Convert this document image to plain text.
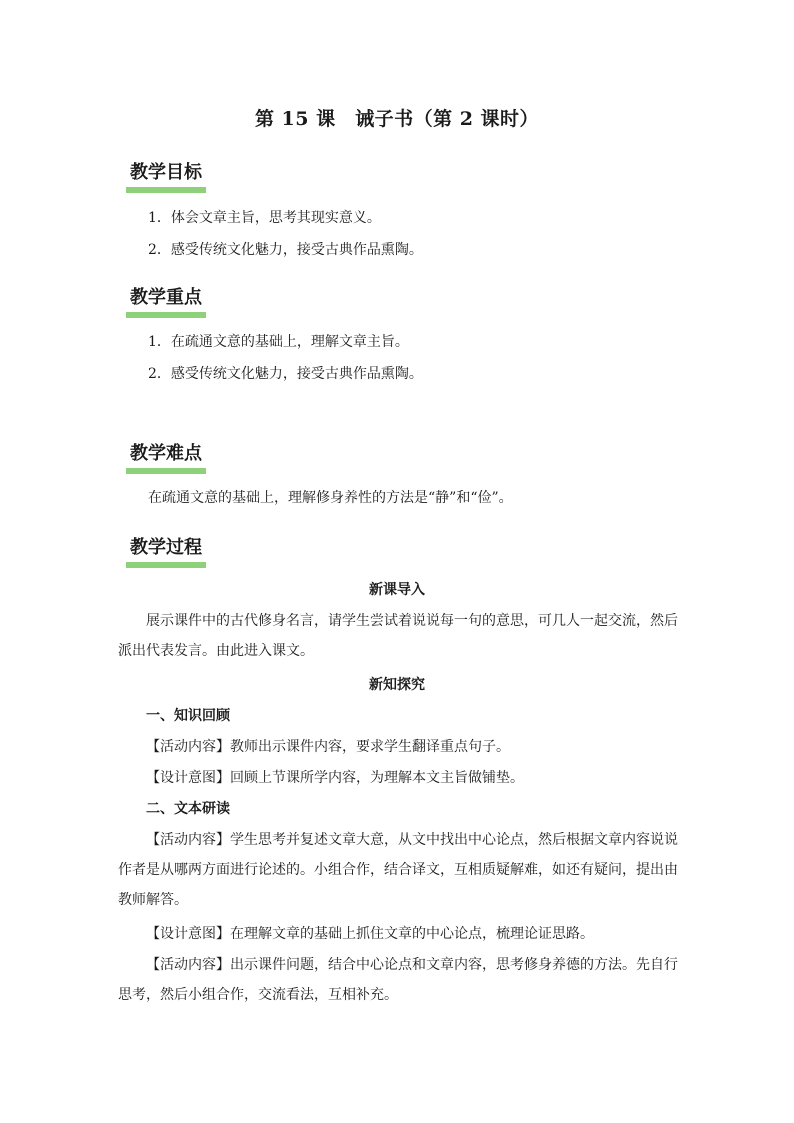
第 15 课　诫子书（第 2 课时）
教学目标
1．体会文章主旨，思考其现实意义。
2．感受传统文化魅力，接受古典作品熏陶。
教学重点
1．在疏通文意的基础上，理解文章主旨。
2．感受传统文化魅力，接受古典作品熏陶。
教学难点
在疏通文意的基础上，理解修身养性的方法是“静”和“俭”。
教学过程
新课导入
展示课件中的古代修身名言，请学生尝试着说说每一句的意思，可几人一起交流，然后派出代表发言。由此进入课文。
新知探究
一、知识回顾
【活动内容】教师出示课件内容，要求学生翻译重点句子。
【设计意图】回顾上节课所学内容，为理解本文主旨做铺垫。
二、文本研读
【活动内容】学生思考并复述文章大意，从文中找出中心论点，然后根据文章内容说说作者是从哪两方面进行论述的。小组合作，结合译文，互相质疑解难，如还有疑问，提出由教师解答。
【设计意图】在理解文章的基础上抓住文章的中心论点，梳理论证思路。
【活动内容】出示课件问题，结合中心论点和文章内容，思考修身养德的方法。先自行思考，然后小组合作，交流看法，互相补充。
